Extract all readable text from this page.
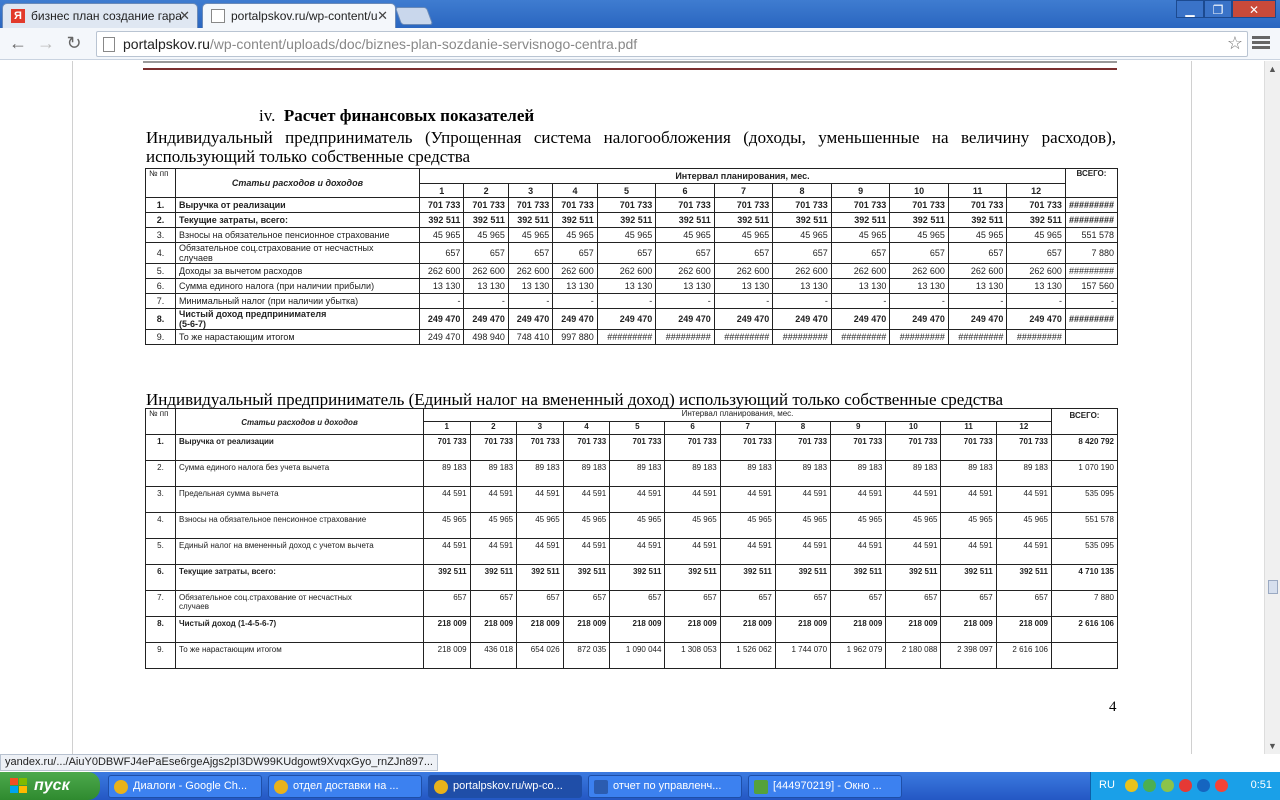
Я бизнес план создание гара
✕	portalpskov.ru/wp-content/u ✕	▁	❐	✕
← → ↻	portalpskov.ru/wp-content/uploads/doc/biznes-plan-sozdanie-servisnogo-centra.pdf	☆
iv. Расчет финансовых показателей
Индивидуальный предприниматель (Упрощенная система налогообложения (доходы, уменьшенные на величину расходов), использующий только собственные средства
№ пп	Статьи расходов и доходов	Интервал планирования, мес.												ВСЕГО:
		1	2	3	4	5	6	7	8	9	10	11	12	
1.	Выручка от реализации	701 733	701 733	701 733	701 733	701 733	701 733	701 733	701 733	701 733	701 733	701 733	701 733	#########
2.	Текущие затраты, всего:	392 511	392 511	392 511	392 511	392 511	392 511	392 511	392 511	392 511	392 511	392 511	392 511	#########
3.	Взносы на обязательное пенсионное страхование	45 965	45 965	45 965	45 965	45 965	45 965	45 965	45 965	45 965	45 965	45 965	45 965	551 578
4.	Обязательное соц.страхование от несчастных
случаев	657	657	657	657	657	657	657	657	657	657	657	657	7 880
5.	Доходы за вычетом расходов	262 600	262 600	262 600	262 600	262 600	262 600	262 600	262 600	262 600	262 600	262 600	262 600	#########
6.	Сумма единого налога (при наличии прибыли)	13 130	13 130	13 130	13 130	13 130	13 130	13 130	13 130	13 130	13 130	13 130	13 130	157 560
7.	Минимальный налог (при наличии убытка)	-	-	-	-	-	-	-	-	-	-	-	-	-
8.	Чистый доход предпринимателя
(5-6-7)	249 470	249 470	249 470	249 470	249 470	249 470	249 470	249 470	249 470	249 470	249 470	249 470	#########
9.	То же нарастающим итогом	249 470	498 940	748 410	997 880	#########	#########	#########	#########	#########	#########	#########	#########	
Индивидуальный предприниматель (Единый налог на вмененный доход) использующий только собственные средства
№ пп	Статьи расходов и доходов	Интервал планирования, мес.												ВСЕГО:
		1	2	3	4	5	6	7	8	9	10	11	12	
1.	Выручка от реализации	701 733	701 733	701 733	701 733	701 733	701 733	701 733	701 733	701 733	701 733	701 733	701 733	8 420 792
2.	Сумма единого налога без учета вычета	89 183	89 183	89 183	89 183	89 183	89 183	89 183	89 183	89 183	89 183	89 183	89 183	1 070 190
3.	Предельная сумма вычета	44 591	44 591	44 591	44 591	44 591	44 591	44 591	44 591	44 591	44 591	44 591	44 591	535 095
4.	Взносы на обязательное пенсионное страхование	45 965	45 965	45 965	45 965	45 965	45 965	45 965	45 965	45 965	45 965	45 965	45 965	551 578
5.	Единый налог на вмененный доход с учетом вычета	44 591	44 591	44 591	44 591	44 591	44 591	44 591	44 591	44 591	44 591	44 591	44 591	535 095
6.	Текущие затраты, всего:	392 511	392 511	392 511	392 511	392 511	392 511	392 511	392 511	392 511	392 511	392 511	392 511	4 710 135
7.	Обязательное соц.страхование от несчастных
случаев	657	657	657	657	657	657	657	657	657	657	657	657	7 880
8.	Чистый доход (1-4-5-6-7)	218 009	218 009	218 009	218 009	218 009	218 009	218 009	218 009	218 009	218 009	218 009	218 009	2 616 106
9.	То же нарастающим итогом	218 009	436 018	654 026	872 035	1 090 044	1 308 053	1 526 062	1 744 070	1 962 079	2 180 088	2 398 097	2 616 106	
4
▲
▼
yandex.ru/.../AiuY0DBWFJ4ePaEse6rgeAjgs2pI3DW99KUdgowt9XvqxGyo_rnZJn897...
пуск	Диалоги - Google Ch...	отдел доставки на ...	portalpskov.ru/wp-co...	отчет по управленч...	[444970219] - Окно ...	RU	0:51
